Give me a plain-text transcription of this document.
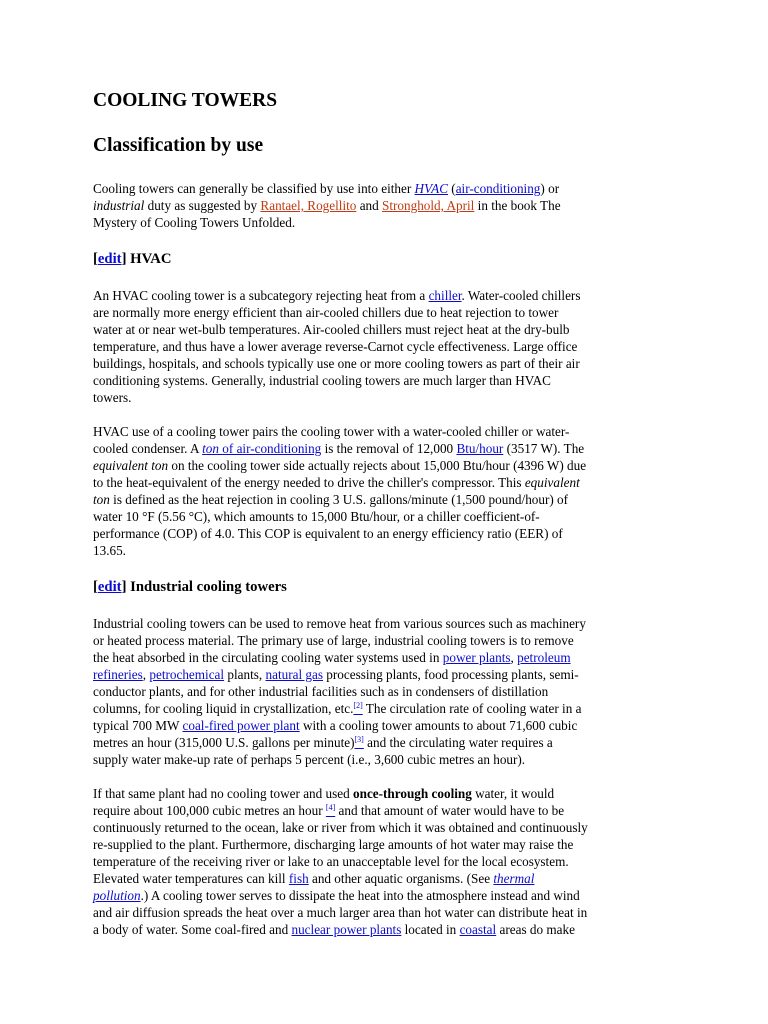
COOLING TOWERS
Classification by use

Cooling towers can generally be classified by use into either HVAC (air-conditioning) or
industrial duty as suggested by Rantael, Rogellito and Stronghold, April in the book The
Mystery of Cooling Towers Unfolded.

[edit] HVAC

An HVAC cooling tower is a subcategory rejecting heat from a chiller. Water-cooled chillers
are normally more energy efficient than air-cooled chillers due to heat rejection to tower
water at or near wet-bulb temperatures. Air-cooled chillers must reject heat at the dry-bulb
temperature, and thus have a lower average reverse-Carnot cycle effectiveness. Large office
buildings, hospitals, and schools typically use one or more cooling towers as part of their air
conditioning systems. Generally, industrial cooling towers are much larger than HVAC
towers.

HVAC use of a cooling tower pairs the cooling tower with a water-cooled chiller or water-
cooled condenser. A ton of air-conditioning is the removal of 12,000 Btu/hour (3517 W). The
equivalent ton on the cooling tower side actually rejects about 15,000 Btu/hour (4396 W) due
to the heat-equivalent of the energy needed to drive the chiller's compressor. This equivalent
ton is defined as the heat rejection in cooling 3 U.S. gallons/minute (1,500 pound/hour) of
water 10 °F (5.56 °C), which amounts to 15,000 Btu/hour, or a chiller coefficient-of-
performance (COP) of 4.0. This COP is equivalent to an energy efficiency ratio (EER) of
13.65.

[edit] Industrial cooling towers

Industrial cooling towers can be used to remove heat from various sources such as machinery
or heated process material. The primary use of large, industrial cooling towers is to remove
the heat absorbed in the circulating cooling water systems used in power plants, petroleum
refineries, petrochemical plants, natural gas processing plants, food processing plants, semi-
conductor plants, and for other industrial facilities such as in condensers of distillation
columns, for cooling liquid in crystallization, etc.[2] The circulation rate of cooling water in a
typical 700 MW coal-fired power plant with a cooling tower amounts to about 71,600 cubic
metres an hour (315,000 U.S. gallons per minute)[3] and the circulating water requires a
supply water make-up rate of perhaps 5 percent (i.e., 3,600 cubic metres an hour).

If that same plant had no cooling tower and used once-through cooling water, it would
require about 100,000 cubic metres an hour [4] and that amount of water would have to be
continuously returned to the ocean, lake or river from which it was obtained and continuously
re-supplied to the plant. Furthermore, discharging large amounts of hot water may raise the
temperature of the receiving river or lake to an unacceptable level for the local ecosystem.
Elevated water temperatures can kill fish and other aquatic organisms. (See thermal
pollution.) A cooling tower serves to dissipate the heat into the atmosphere instead and wind
and air diffusion spreads the heat over a much larger area than hot water can distribute heat in
a body of water. Some coal-fired and nuclear power plants located in coastal areas do make
